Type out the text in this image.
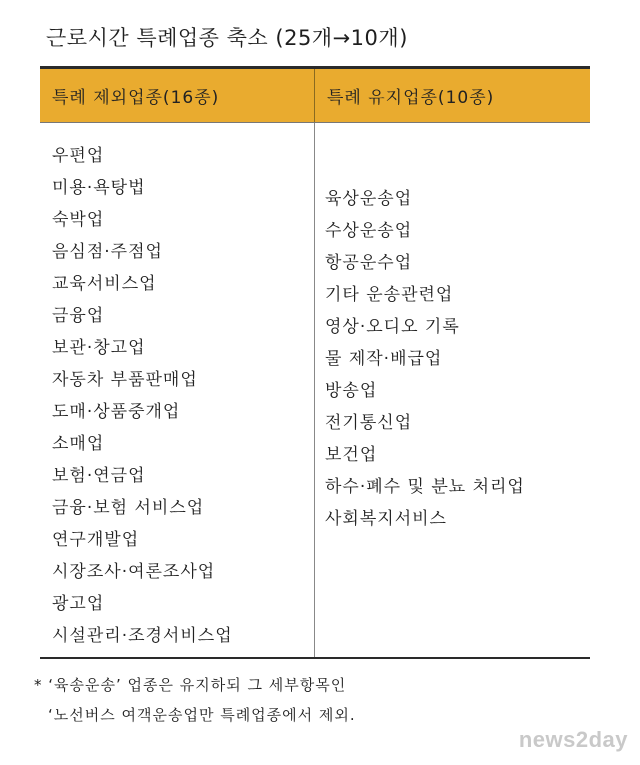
근로시간 특례업종 축소 (25개→10개)
특례 제외업종(16종)	특례 유지업종(10종)
우편업
미용·욕탕법
숙박업
음심점·주점업
교육서비스업
금융업
보관·창고업
자동차 부품판매업
도매·상품중개업
소매업
보험·연금업
금융·보험 서비스업
연구개발업
시장조사·여론조사업
광고업
시설관리·조경서비스업
육상운송업
수상운송업
항공운수업
기타 운송관련업
영상·오디오 기록
물 제작·배급업
방송업
전기통신업
보건업
하수·폐수 및 분뇨 처리업
사회복지서비스
* ‘육송운송’ 업종은 유지하되 그 세부항목인
‘노선버스 여객운송업만 특례업종에서 제외.
news2day
